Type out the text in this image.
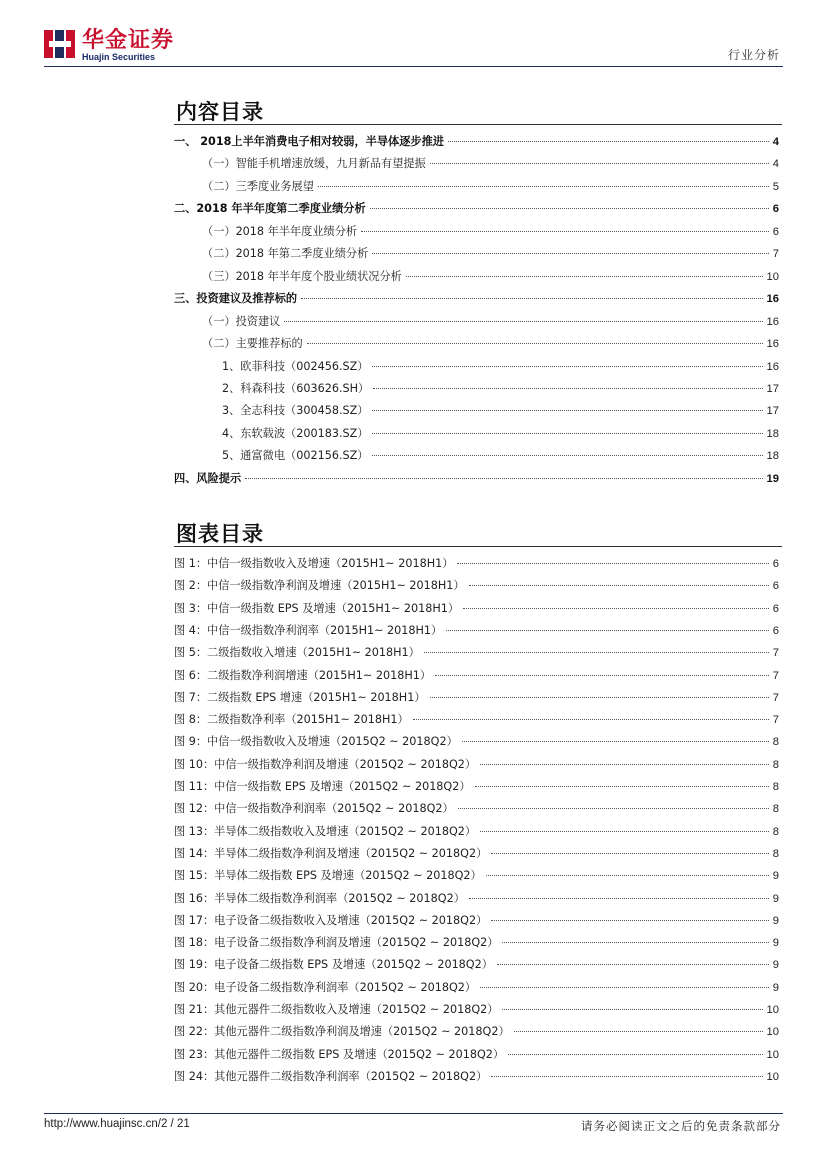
华金证券
Huajin Securities	行业分析
内容目录
一、 2018上半年消费电子相对较弱，半导体逐步推进	4
（一）智能手机增速放缓，九月新品有望提振	4
（二）三季度业务展望	5
二、2018 年半年度第二季度业绩分析	6
（一）2018 年半年度业绩分析	6
（二）2018 年第二季度业绩分析	7
（三）2018 年半年度个股业绩状况分析	10
三、投资建议及推荐标的	16
（一）投资建议	16
（二）主要推荐标的	16
1、欧菲科技（002456.SZ）	16
2、科森科技（603626.SH）	17
3、全志科技（300458.SZ）	17
4、东软载波（200183.SZ）	18
5、通富微电（002156.SZ）	18
四、风险提示	19
图表目录
图 1：中信一级指数收入及增速（2015H1~ 2018H1）	6
图 2：中信一级指数净利润及增速（2015H1~ 2018H1）	6
图 3：中信一级指数 EPS 及增速（2015H1~ 2018H1）	6
图 4：中信一级指数净利润率（2015H1~ 2018H1）	6
图 5：二级指数收入增速（2015H1~ 2018H1）	7
图 6：二级指数净利润增速（2015H1~ 2018H1）	7
图 7：二级指数 EPS 增速（2015H1~ 2018H1）	7
图 8：二级指数净利率（2015H1~ 2018H1）	7
图 9：中信一级指数收入及增速（2015Q2 ~ 2018Q2）	8
图 10：中信一级指数净利润及增速（2015Q2 ~ 2018Q2）	8
图 11：中信一级指数 EPS 及增速（2015Q2 ~ 2018Q2）	8
图 12：中信一级指数净利润率（2015Q2 ~ 2018Q2）	8
图 13：半导体二级指数收入及增速（2015Q2 ~ 2018Q2）	8
图 14：半导体二级指数净利润及增速（2015Q2 ~ 2018Q2）	8
图 15：半导体二级指数 EPS 及增速（2015Q2 ~ 2018Q2）	9
图 16：半导体二级指数净利润率（2015Q2 ~ 2018Q2）	9
图 17：电子设备二级指数收入及增速（2015Q2 ~ 2018Q2）	9
图 18：电子设备二级指数净利润及增速（2015Q2 ~ 2018Q2）	9
图 19：电子设备二级指数 EPS 及增速（2015Q2 ~ 2018Q2）	9
图 20：电子设备二级指数净利润率（2015Q2 ~ 2018Q2）	9
图 21：其他元器件二级指数收入及增速（2015Q2 ~ 2018Q2）	10
图 22：其他元器件二级指数净利润及增速（2015Q2 ~ 2018Q2）	10
图 23：其他元器件二级指数 EPS 及增速（2015Q2 ~ 2018Q2）	10
图 24：其他元器件二级指数净利润率（2015Q2 ~ 2018Q2）	10
http://www.huajinsc.cn/2 / 21	请务必阅读正文之后的免责条款部分
